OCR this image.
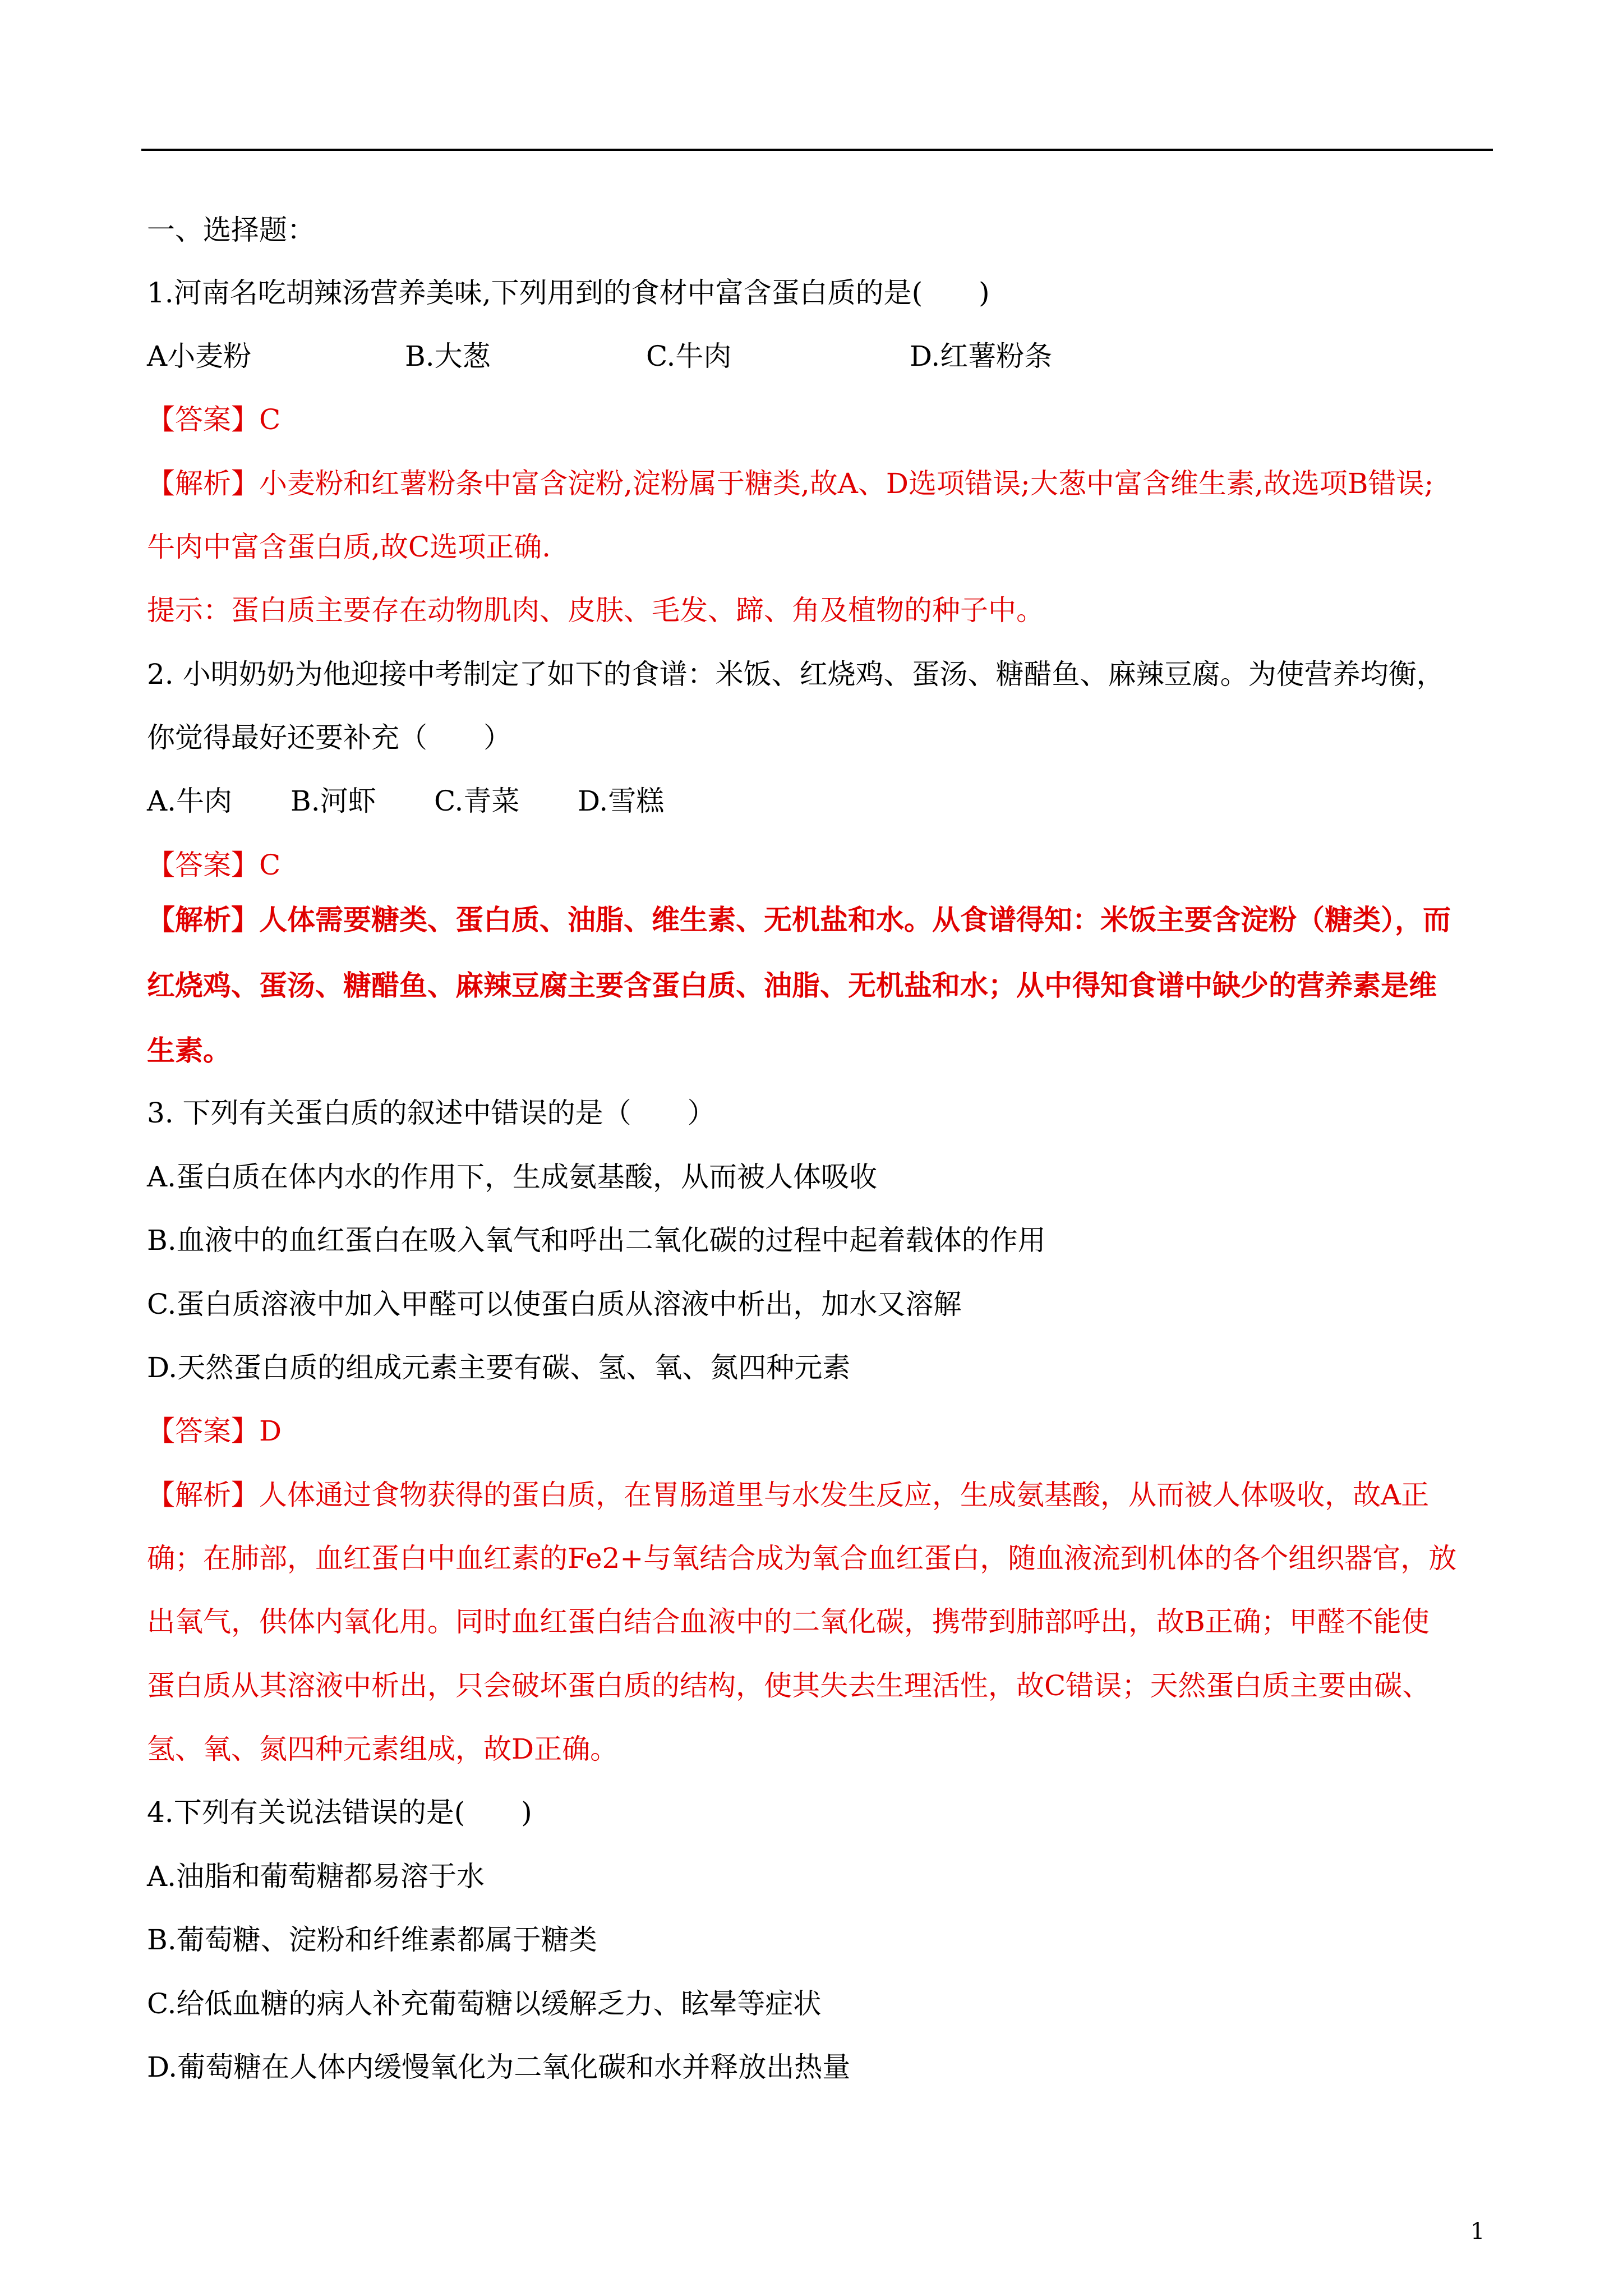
一、选择题：
1.河南名吃胡辣汤营养美味,下列用到的食材中富含蛋白质的是(　　)
A小麦粉	B.大葱	C.牛肉	D.红薯粉条
【答案】C
【解析】小麦粉和红薯粉条中富含淀粉,淀粉属于糖类,故A、D选项错误;大葱中富含维生素,故选项B错误;
牛肉中富含蛋白质,故C选项正确.
提示：蛋白质主要存在动物肌肉、皮肤、毛发、蹄、角及植物的种子中。
2. 小明奶奶为他迎接中考制定了如下的食谱：米饭、红烧鸡、蛋汤、糖醋鱼、麻辣豆腐。为使营养均衡，
你觉得最好还要补充（　　）
A.牛肉 B.河虾 C.青菜 D.雪糕
【答案】C
【解析】人体需要糖类、蛋白质、油脂、维生素、无机盐和水。从食谱得知：米饭主要含淀粉（糖类），而
红烧鸡、蛋汤、糖醋鱼、麻辣豆腐主要含蛋白质、油脂、无机盐和水；从中得知食谱中缺少的营养素是维
生素。
3. 下列有关蛋白质的叙述中错误的是（　　）
A.蛋白质在体内水的作用下，生成氨基酸，从而被人体吸收
B.血液中的血红蛋白在吸入氧气和呼出二氧化碳的过程中起着载体的作用
C.蛋白质溶液中加入甲醛可以使蛋白质从溶液中析出，加水又溶解
D.天然蛋白质的组成元素主要有碳、氢、氧、氮四种元素
【答案】D
【解析】人体通过食物获得的蛋白质，在胃肠道里与水发生反应，生成氨基酸，从而被人体吸收，故A正
确；在肺部，血红蛋白中血红素的Fe2+与氧结合成为氧合血红蛋白，随血液流到机体的各个组织器官，放
出氧气，供体内氧化用。同时血红蛋白结合血液中的二氧化碳，携带到肺部呼出，故B正确；甲醛不能使
蛋白质从其溶液中析出，只会破坏蛋白质的结构，使其失去生理活性，故C错误；天然蛋白质主要由碳、
氢、氧、氮四种元素组成，故D正确。
4.下列有关说法错误的是(　　)
A.油脂和葡萄糖都易溶于水
B.葡萄糖、淀粉和纤维素都属于糖类
C.给低血糖的病人补充葡萄糖以缓解乏力、眩晕等症状
D.葡萄糖在人体内缓慢氧化为二氧化碳和水并释放出热量
1
